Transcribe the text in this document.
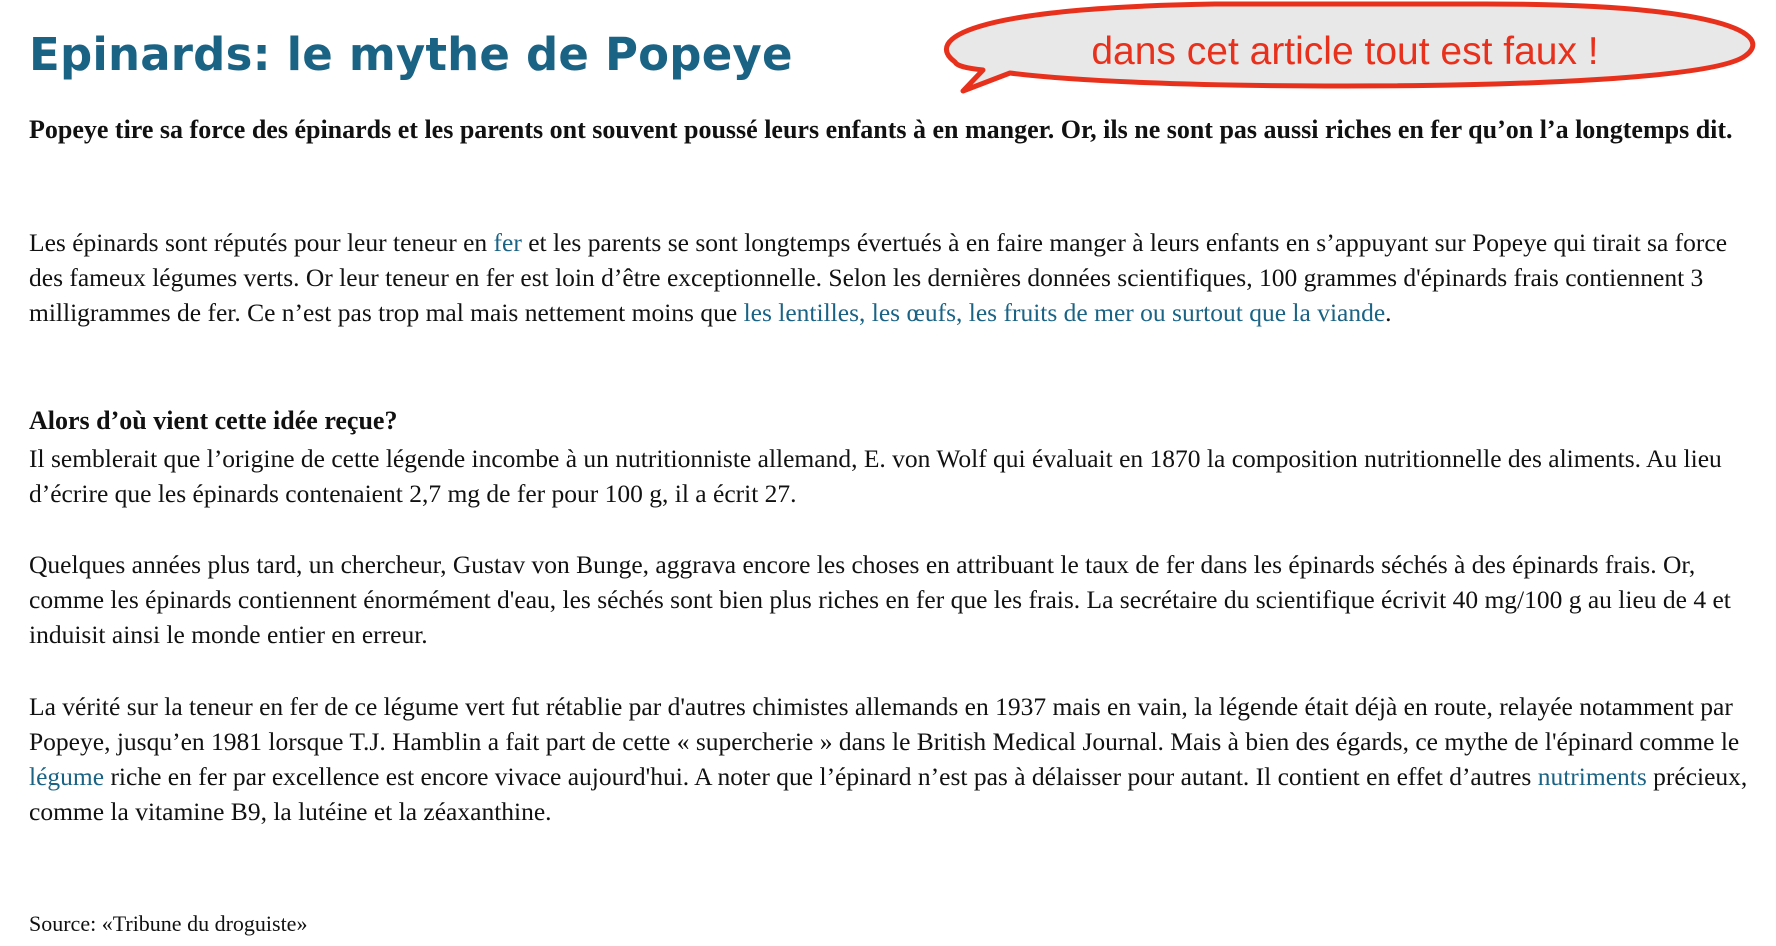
Epinards: le mythe de Popeye	dans cet article tout est faux !

Popeye tire sa force des épinards et les parents ont souvent poussé leurs enfants à en manger. Or, ils ne sont pas aussi riches en fer qu’on l’a longtemps dit.

Les épinards sont réputés pour leur teneur en fer et les parents se sont longtemps évertués à en faire manger à leurs enfants en s’appuyant sur Popeye qui tirait sa force des fameux légumes verts. Or leur teneur en fer est loin d’être exceptionnelle. Selon les dernières données scientifiques, 100 grammes d'épinards frais contiennent 3 milligrammes de fer. Ce n’est pas trop mal mais nettement moins que les lentilles, les œufs, les fruits de mer ou surtout que la viande.

Alors d’où vient cette idée reçue?

Il semblerait que l’origine de cette légende incombe à un nutritionniste allemand, E. von Wolf qui évaluait en 1870 la composition nutritionnelle des aliments. Au lieu d’écrire que les épinards contenaient 2,7 mg de fer pour 100 g, il a écrit 27.

Quelques années plus tard, un chercheur, Gustav von Bunge, aggrava encore les choses en attribuant le taux de fer dans les épinards séchés à des épinards frais. Or, comme les épinards contiennent énormément d'eau, les séchés sont bien plus riches en fer que les frais. La secrétaire du scientifique écrivit 40 mg/100 g au lieu de 4 et induisit ainsi le monde entier en erreur.

La vérité sur la teneur en fer de ce légume vert fut rétablie par d'autres chimistes allemands en 1937 mais en vain, la légende était déjà en route, relayée notamment par Popeye, jusqu’en 1981 lorsque T.J. Hamblin a fait part de cette « supercherie » dans le British Medical Journal. Mais à bien des égards, ce mythe de l'épinard comme le légume riche en fer par excellence est encore vivace aujourd'hui. A noter que l’épinard n’est pas à délaisser pour autant. Il contient en effet d’autres nutriments précieux, comme la vitamine B9, la lutéine et la zéaxanthine.

Source: «Tribune du droguiste»
